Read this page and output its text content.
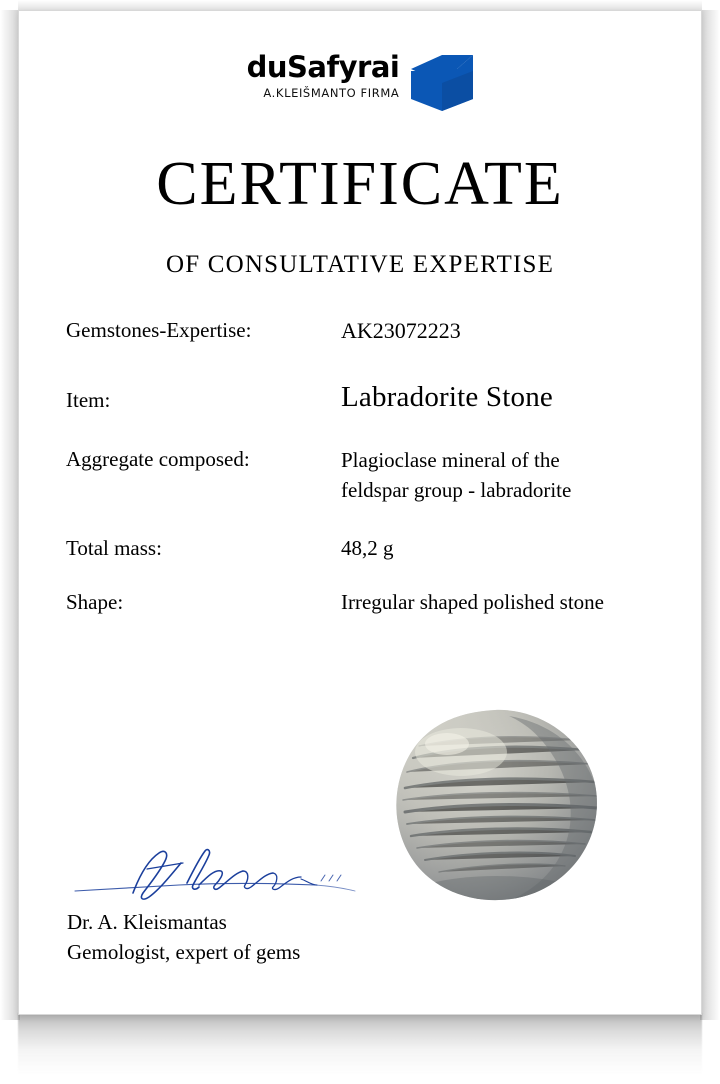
duSafyrai
A.KLEIŠMANTO FIRMA
CERTIFICATE
OF CONSULTATIVE EXPERTISE
Gemstones-Expertise:	AK23072223
Item:	Labradorite Stone
Aggregate composed:	Plagioclase mineral of the
feldspar group - labradorite
Total mass:	48,2 g
Shape:	Irregular shaped polished stone
Dr. A. Kleismantas
Gemologist, expert of gems
